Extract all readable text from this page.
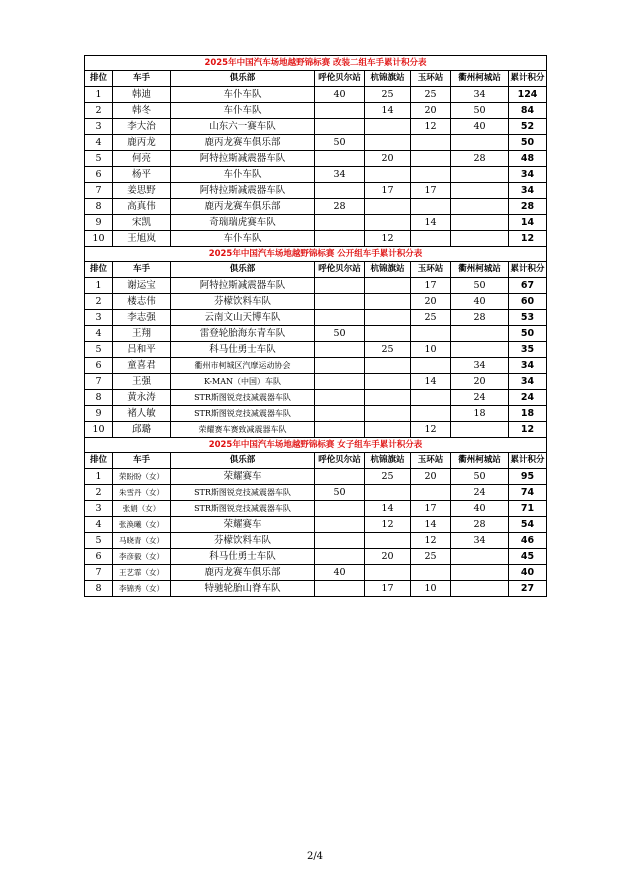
2025年中国汽车场地越野锦标赛 改装二组车手累计积分表							
排位	车手	俱乐部	呼伦贝尔站	杭锦旗站	玉环站	衢州柯城站	累计积分
1	韩迪	车仆车队	40	25	25	34	124
2	韩冬	车仆车队		14	20	50	84
3	李大治	山东六一赛车队			12	40	52
4	鹿丙龙	鹿丙龙赛车俱乐部	50				50
5	何亮	阿特拉斯减震器车队		20		28	48
6	杨平	车仆车队	34				34
7	姜思野	阿特拉斯减震器车队		17	17		34
8	高真伟	鹿丙龙赛车俱乐部	28				28
9	宋凯	奇瑞瑞虎赛车队			14		14
10	王旭岚	车仆车队		12			12
2025年中国汽车场地越野锦标赛 公开组车手累计积分表							
排位	车手	俱乐部	呼伦贝尔站	杭锦旗站	玉环站	衢州柯城站	累计积分
1	谢运宝	阿特拉斯减震器车队			17	50	67
2	楼志伟	芬檬饮料车队			20	40	60
3	李志强	云南文山天博车队			25	28	53
4	王翔	雷登轮胎海东青车队	50				50
5	吕和平	科马仕勇士车队		25	10		35
6	童喜君	衢州市柯城区汽摩运动协会				34	34
7	王强	K-MAN（中国）车队			14	20	34
8	黄永涛	STR斯图锐竞技减震器车队				24	24
9	褚人敏	STR斯图锐竞技减震器车队				18	18
10	邱璐	荣耀赛车赛致减震器车队			12		12
2025年中国汽车场地越野锦标赛 女子组车手累计积分表							
排位	车手	俱乐部	呼伦贝尔站	杭锦旗站	玉环站	衢州柯城站	累计积分
1	荣盼盼（女）	荣耀赛车		25	20	50	95
2	朱雪丹（女）	STR斯图锐竞技减震器车队	50			24	74
3	张娟（女）	STR斯图锐竞技减震器车队		14	17	40	71
4	张涣曦（女）	荣耀赛车		12	14	28	54
5	马晓青（女）	芬檬饮料车队			12	34	46
6	李彦毅（女）	科马仕勇士车队		20	25		45
7	王艺霏（女）	鹿丙龙赛车俱乐部	40				40
8	李锦秀（女）	特驰轮胎山脊车队		17	10		27
2/4
